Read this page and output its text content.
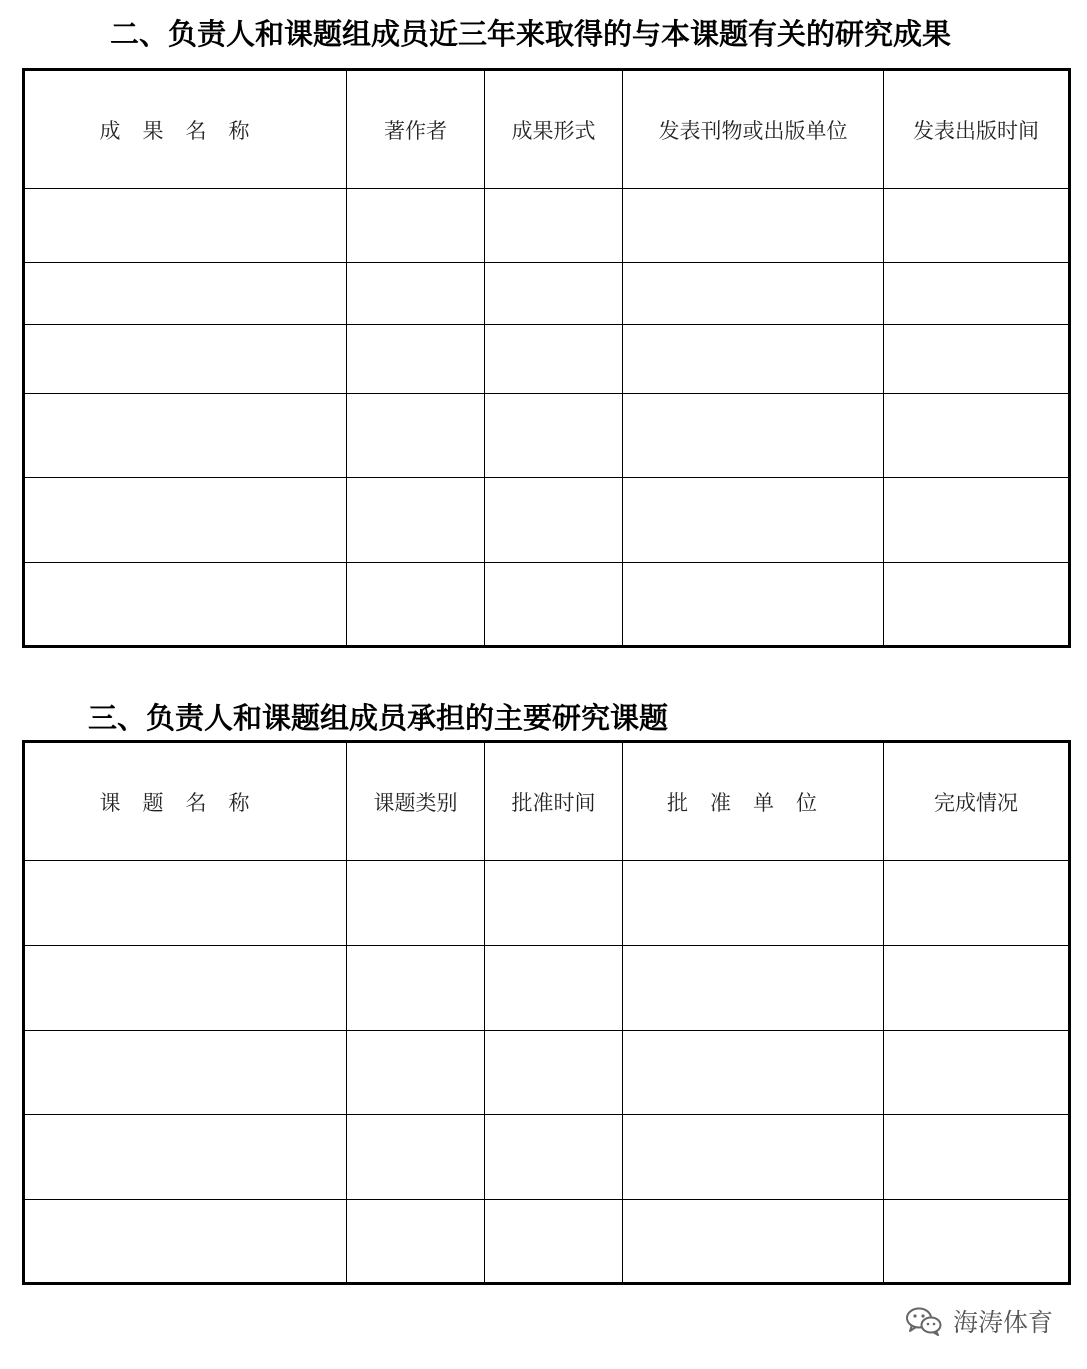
二、负责人和课题组成员近三年来取得的与本课题有关的研究成果
成果名称	著作者	成果形式	发表刊物或出版单位	发表出版时间

三、负责人和课题组成员承担的主要研究课题
课题名称	课题类别	批准时间	批准单位	完成情况

海涛体育
